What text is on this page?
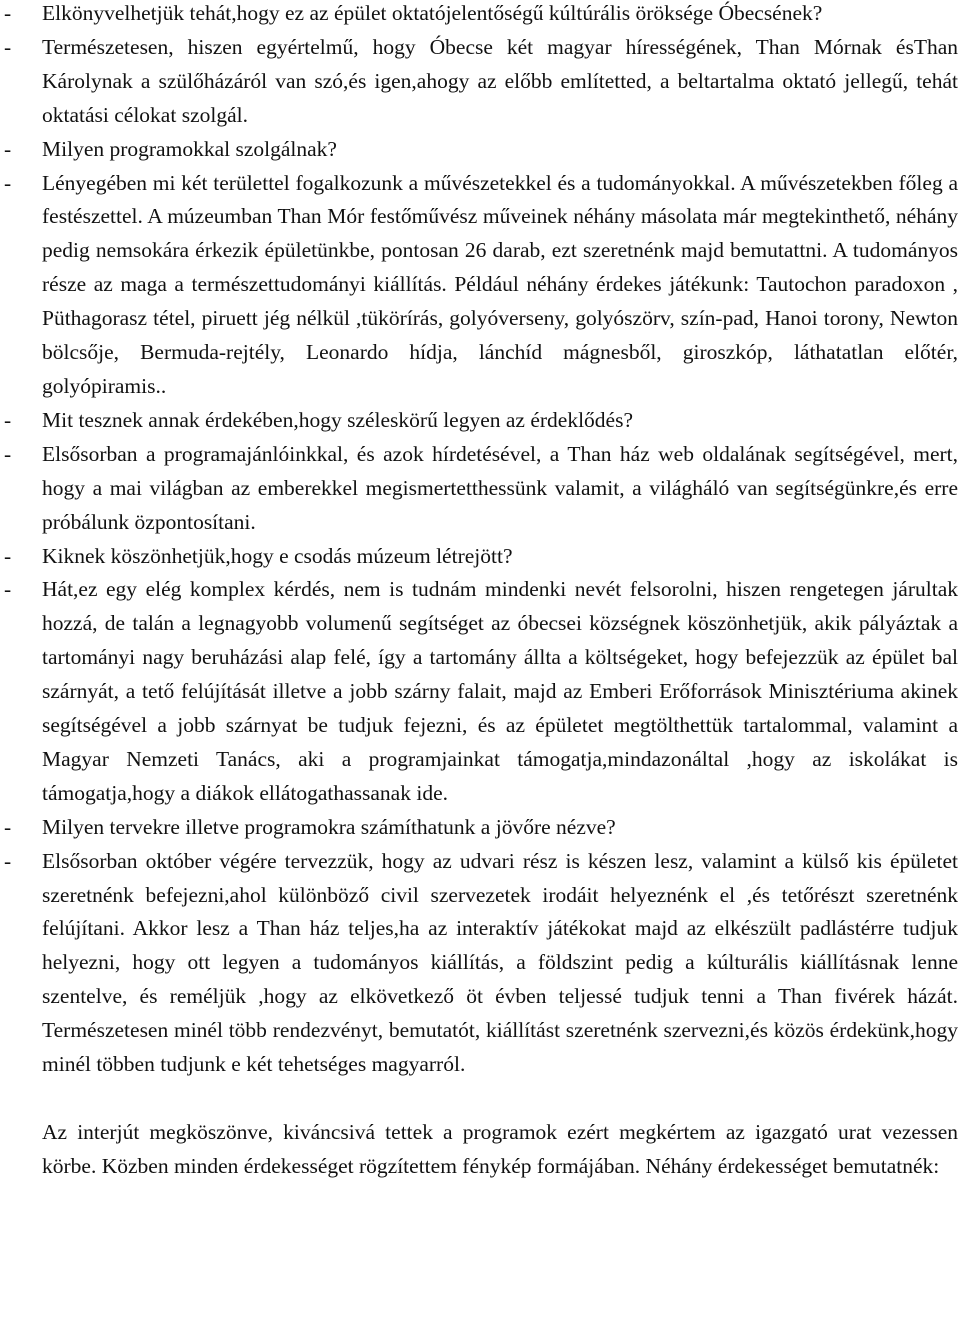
- Elkönyvelhetjük tehát,hogy ez az épület oktatójelentőségű kúltúrális öröksége Óbecsének?
- Természetesen, hiszen egyértelmű, hogy Óbecse két magyar hírességének, Than Mórnak ésThan Károlynak a szülőházáról van szó,és igen,ahogy az előbb említetted, a beltartalma oktató jellegű, tehát oktatási célokat szolgál.
- Milyen programokkal szolgálnak?
- Lényegében mi két területtel fogalkozunk a művészetekkel és a tudományokkal. A művészetekben főleg a festészettel. A múzeumban Than Mór festőművész műveinek néhány másolata már megtekinthető, néhány pedig nemsokára érkezik épületünkbe, pontosan 26 darab, ezt szeretnénk majd bemutattni. A tudományos része az maga a természettudományi kiállítás. Például néhány érdekes játékunk: Tautochon paradoxon , Püthagorasz tétel, piruett jég nélkül ,tükörírás, golyóverseny, golyószörv, szín-pad, Hanoi torony, Newton bölcsője, Bermuda-rejtély, Leonardo hídja, lánchíd mágnesből, giroszkóp, láthatatlan előtér, golyópiramis..
- Mit tesznek annak érdekében,hogy széleskörű legyen az érdeklődés?
- Elsősorban a programajánlóinkkal, és azok hírdetésével, a Than ház web oldalának segítségével, mert, hogy a mai világban az emberekkel megismertetthessünk valamit, a világháló van segítségünkre,és erre próbálunk özpontosítani.
- Kiknek köszönhetjük,hogy e csodás múzeum létrejött?
- Hát,ez egy elég komplex kérdés, nem is tudnám mindenki nevét felsorolni, hiszen rengetegen járultak hozzá, de talán a legnagyobb volumenű segítséget az óbecsei községnek köszönhetjük, akik pályáztak a tartományi nagy beruházási alap felé, így a tartomány állta a költségeket, hogy befejezzük az épület bal szárnyát, a tető felújítását illetve a jobb szárny falait, majd az Emberi Erőforrások Minisztériuma akinek segítségével a jobb szárnyat be tudjuk fejezni, és az épületet megtölthettük tartalommal, valamint a Magyar Nemzeti Tanács, aki a programjainkat támogatja,mindazonáltal ,hogy az iskolákat is támogatja,hogy a diákok ellátogathassanak ide.
- Milyen tervekre illetve programokra számíthatunk a jövőre nézve?
- Elsősorban október végére tervezzük, hogy az udvari rész is készen lesz, valamint a külső kis épületet szeretnénk befejezni,ahol különböző civil szervezetek irodáit helyeznénk el ,és tetőrészt szeretnénk felújítani. Akkor lesz a Than ház teljes,ha az interaktív játékokat majd az elkészült padlástérre tudjuk helyezni, hogy ott legyen a tudományos kiállítás, a földszint pedig a kúlturális kiállításnak lenne szentelve, és reméljük ,hogy az elkövetkező öt évben teljessé tudjuk tenni a Than fivérek házát. Természetesen minél több rendezvényt, bemutatót, kiállítást szeretnénk szervezni,és közös érdekünk,hogy minél többen tudjunk e két tehetséges magyarról.

Az interjút megköszönve, kiváncsivá tettek a programok ezért megkértem az igazgató urat vezessen körbe. Közben minden érdekességet rögzítettem fénykép formájában. Néhány érdekességet bemutatnék:
